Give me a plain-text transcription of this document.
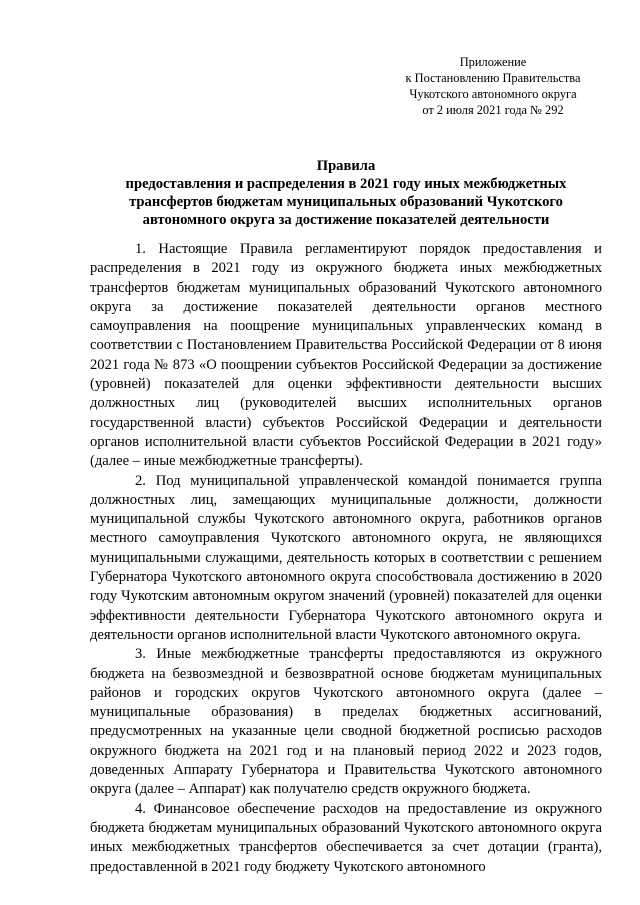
Приложение
к Постановлению Правительства
Чукотского автономного округа
от 2 июля 2021 года № 292
Правила
предоставления и распределения в 2021 году иных межбюджетных
трансфертов бюджетам муниципальных образований Чукотского
автономного округа за достижение показателей деятельности

1. Настоящие Правила регламентируют порядок предоставления и распределения в 2021 году из окружного бюджета иных межбюджетных трансфертов бюджетам муниципальных образований Чукотского автономного округа за достижение показателей деятельности органов местного самоуправления на поощрение муниципальных управленческих команд в соответствии с Постановлением Правительства Российской Федерации от 8 июня 2021 года № 873 «О поощрении субъектов Российской Федерации за достижение (уровней) показателей для оценки эффективности деятельности высших должностных лиц (руководителей высших исполнительных органов государственной власти) субъектов Российской Федерации и деятельности органов исполнительной власти субъектов Российской Федерации в 2021 году» (далее – иные межбюджетные трансферты).

2. Под муниципальной управленческой командой понимается группа должностных лиц, замещающих муниципальные должности, должности муниципальной службы Чукотского автономного округа, работников органов местного самоуправления Чукотского автономного округа, не являющихся муниципальными служащими, деятельность которых в соответствии с решением Губернатора Чукотского автономного округа способствовала достижению в 2020 году Чукотским автономным округом значений (уровней) показателей для оценки эффективности деятельности Губернатора Чукотского автономного округа и деятельности органов исполнительной власти Чукотского автономного округа.

3. Иные межбюджетные трансферты предоставляются из окружного бюджета на безвозмездной и безвозвратной основе бюджетам муниципальных районов и городских округов Чукотского автономного округа (далее – муниципальные образования) в пределах бюджетных ассигнований, предусмотренных на указанные цели сводной бюджетной росписью расходов окружного бюджета на 2021 год и на плановый период 2022 и 2023 годов, доведенных Аппарату Губернатора и Правительства Чукотского автономного округа (далее – Аппарат) как получателю средств окружного бюджета.

4. Финансовое обеспечение расходов на предоставление из окружного бюджета бюджетам муниципальных образований Чукотского автономного округа иных межбюджетных трансфертов обеспечивается за счет дотации (гранта), предоставленной в 2021 году бюджету Чукотского автономного
